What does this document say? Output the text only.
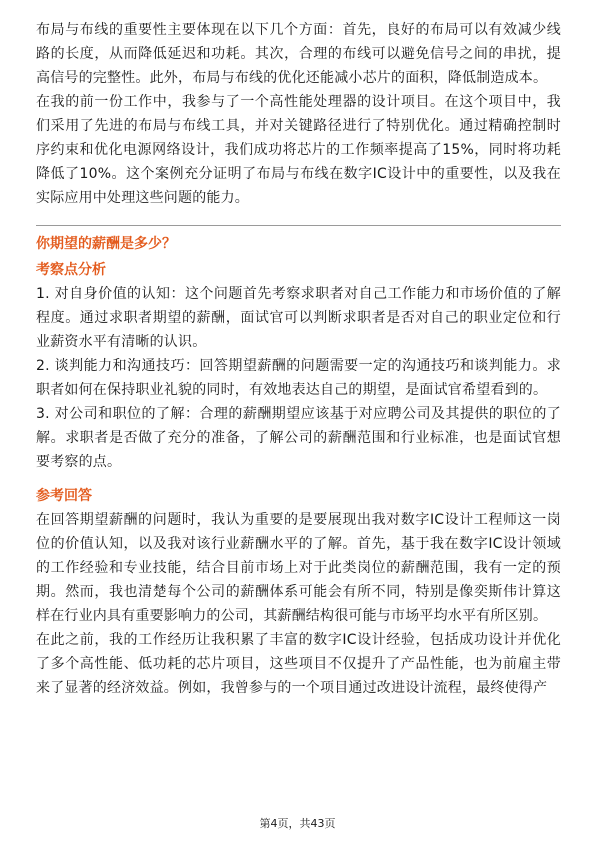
布局与布线的重要性主要体现在以下几个方面：首先，良好的布局可以有效减少线路的长度，从而降低延迟和功耗。其次，合理的布线可以避免信号之间的串扰，提高信号的完整性。此外，布局与布线的优化还能减小芯片的面积，降低制造成本。

在我的前一份工作中，我参与了一个高性能处理器的设计项目。在这个项目中，我们采用了先进的布局与布线工具，并对关键路径进行了特别优化。通过精确控制时序约束和优化电源网络设计，我们成功将芯片的工作频率提高了15%，同时将功耗降低了10%。这个案例充分证明了布局与布线在数字IC设计中的重要性，以及我在实际应用中处理这些问题的能力。

你期望的薪酬是多少？

考察点分析

1. 对自身价值的认知：这个问题首先考察求职者对自己工作能力和市场价值的了解程度。通过求职者期望的薪酬，面试官可以判断求职者是否对自己的职业定位和行业薪资水平有清晰的认识。

2. 谈判能力和沟通技巧：回答期望薪酬的问题需要一定的沟通技巧和谈判能力。求职者如何在保持职业礼貌的同时，有效地表达自己的期望，是面试官希望看到的。

3. 对公司和职位的了解：合理的薪酬期望应该基于对应聘公司及其提供的职位的了解。求职者是否做了充分的准备，了解公司的薪酬范围和行业标准，也是面试官想要考察的点。

参考回答

在回答期望薪酬的问题时，我认为重要的是要展现出我对数字IC设计工程师这一岗位的价值认知，以及我对该行业薪酬水平的了解。首先，基于我在数字IC设计领域的工作经验和专业技能，结合目前市场上对于此类岗位的薪酬范围，我有一定的预期。然而，我也清楚每个公司的薪酬体系可能会有所不同，特别是像奕斯伟计算这样在行业内具有重要影响力的公司，其薪酬结构很可能与市场平均水平有所区别。

在此之前，我的工作经历让我积累了丰富的数字IC设计经验，包括成功设计并优化了多个高性能、低功耗的芯片项目，这些项目不仅提升了产品性能，也为前雇主带来了显著的经济效益。例如，我曾参与的一个项目通过改进设计流程，最终使得产

第4页，共43页
